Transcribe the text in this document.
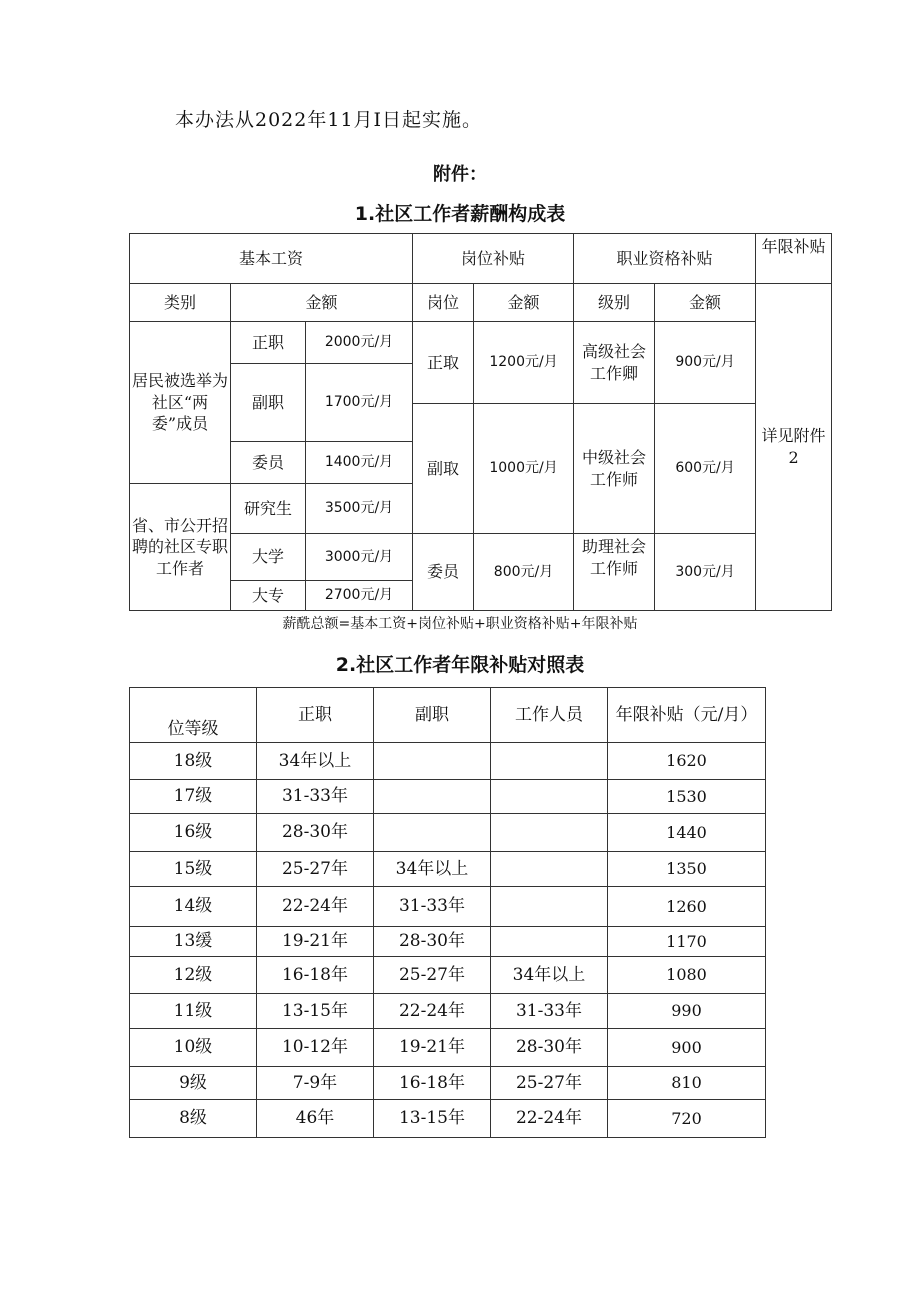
本办法从2022年11月I日起实施。
附件：
1.社区工作者薪酬构成表
基本工资			岗位补贴		职业资格补贴		年限补贴
类别	金额		岗位	金额	级别	金额	详见附件2
居民被选举为社区“两委”成员	正职	2000元/月	正取	1200元/月	高级社会工作卿	900元/月	
	副职	1700元/月					
			副取	1000元/月	中级社会工作师	600元/月	
	委员	1400元/月					
省、市公开招聘的社区专职工作者	研究生	3500元/月					
	大学	3000元/月	委员	800元/月	助理社会工作师	300元/月	
	大专	2700元/月					
薪酰总额=基本工资+岗位补贴+职业资格补贴+年限补贴
2.社区工作者年限补贴对照表
位等级	正职	副职	工作人员	年限补贴（元/月）
18级	34年以上			1620
17级	31-33年			1530
16级	28-30年			1440
15级	25-27年	34年以上		1350
14级	22-24年	31-33年		1260
13缓	19-21年	28-30年		1170
12级	16-18年	25-27年	34年以上	1080
11级	13-15年	22-24年	31-33年	990
10级	10-12年	19-21年	28-30年	900
9级	7-9年	16-18年	25-27年	810
8级	46年	13-15年	22-24年	720
